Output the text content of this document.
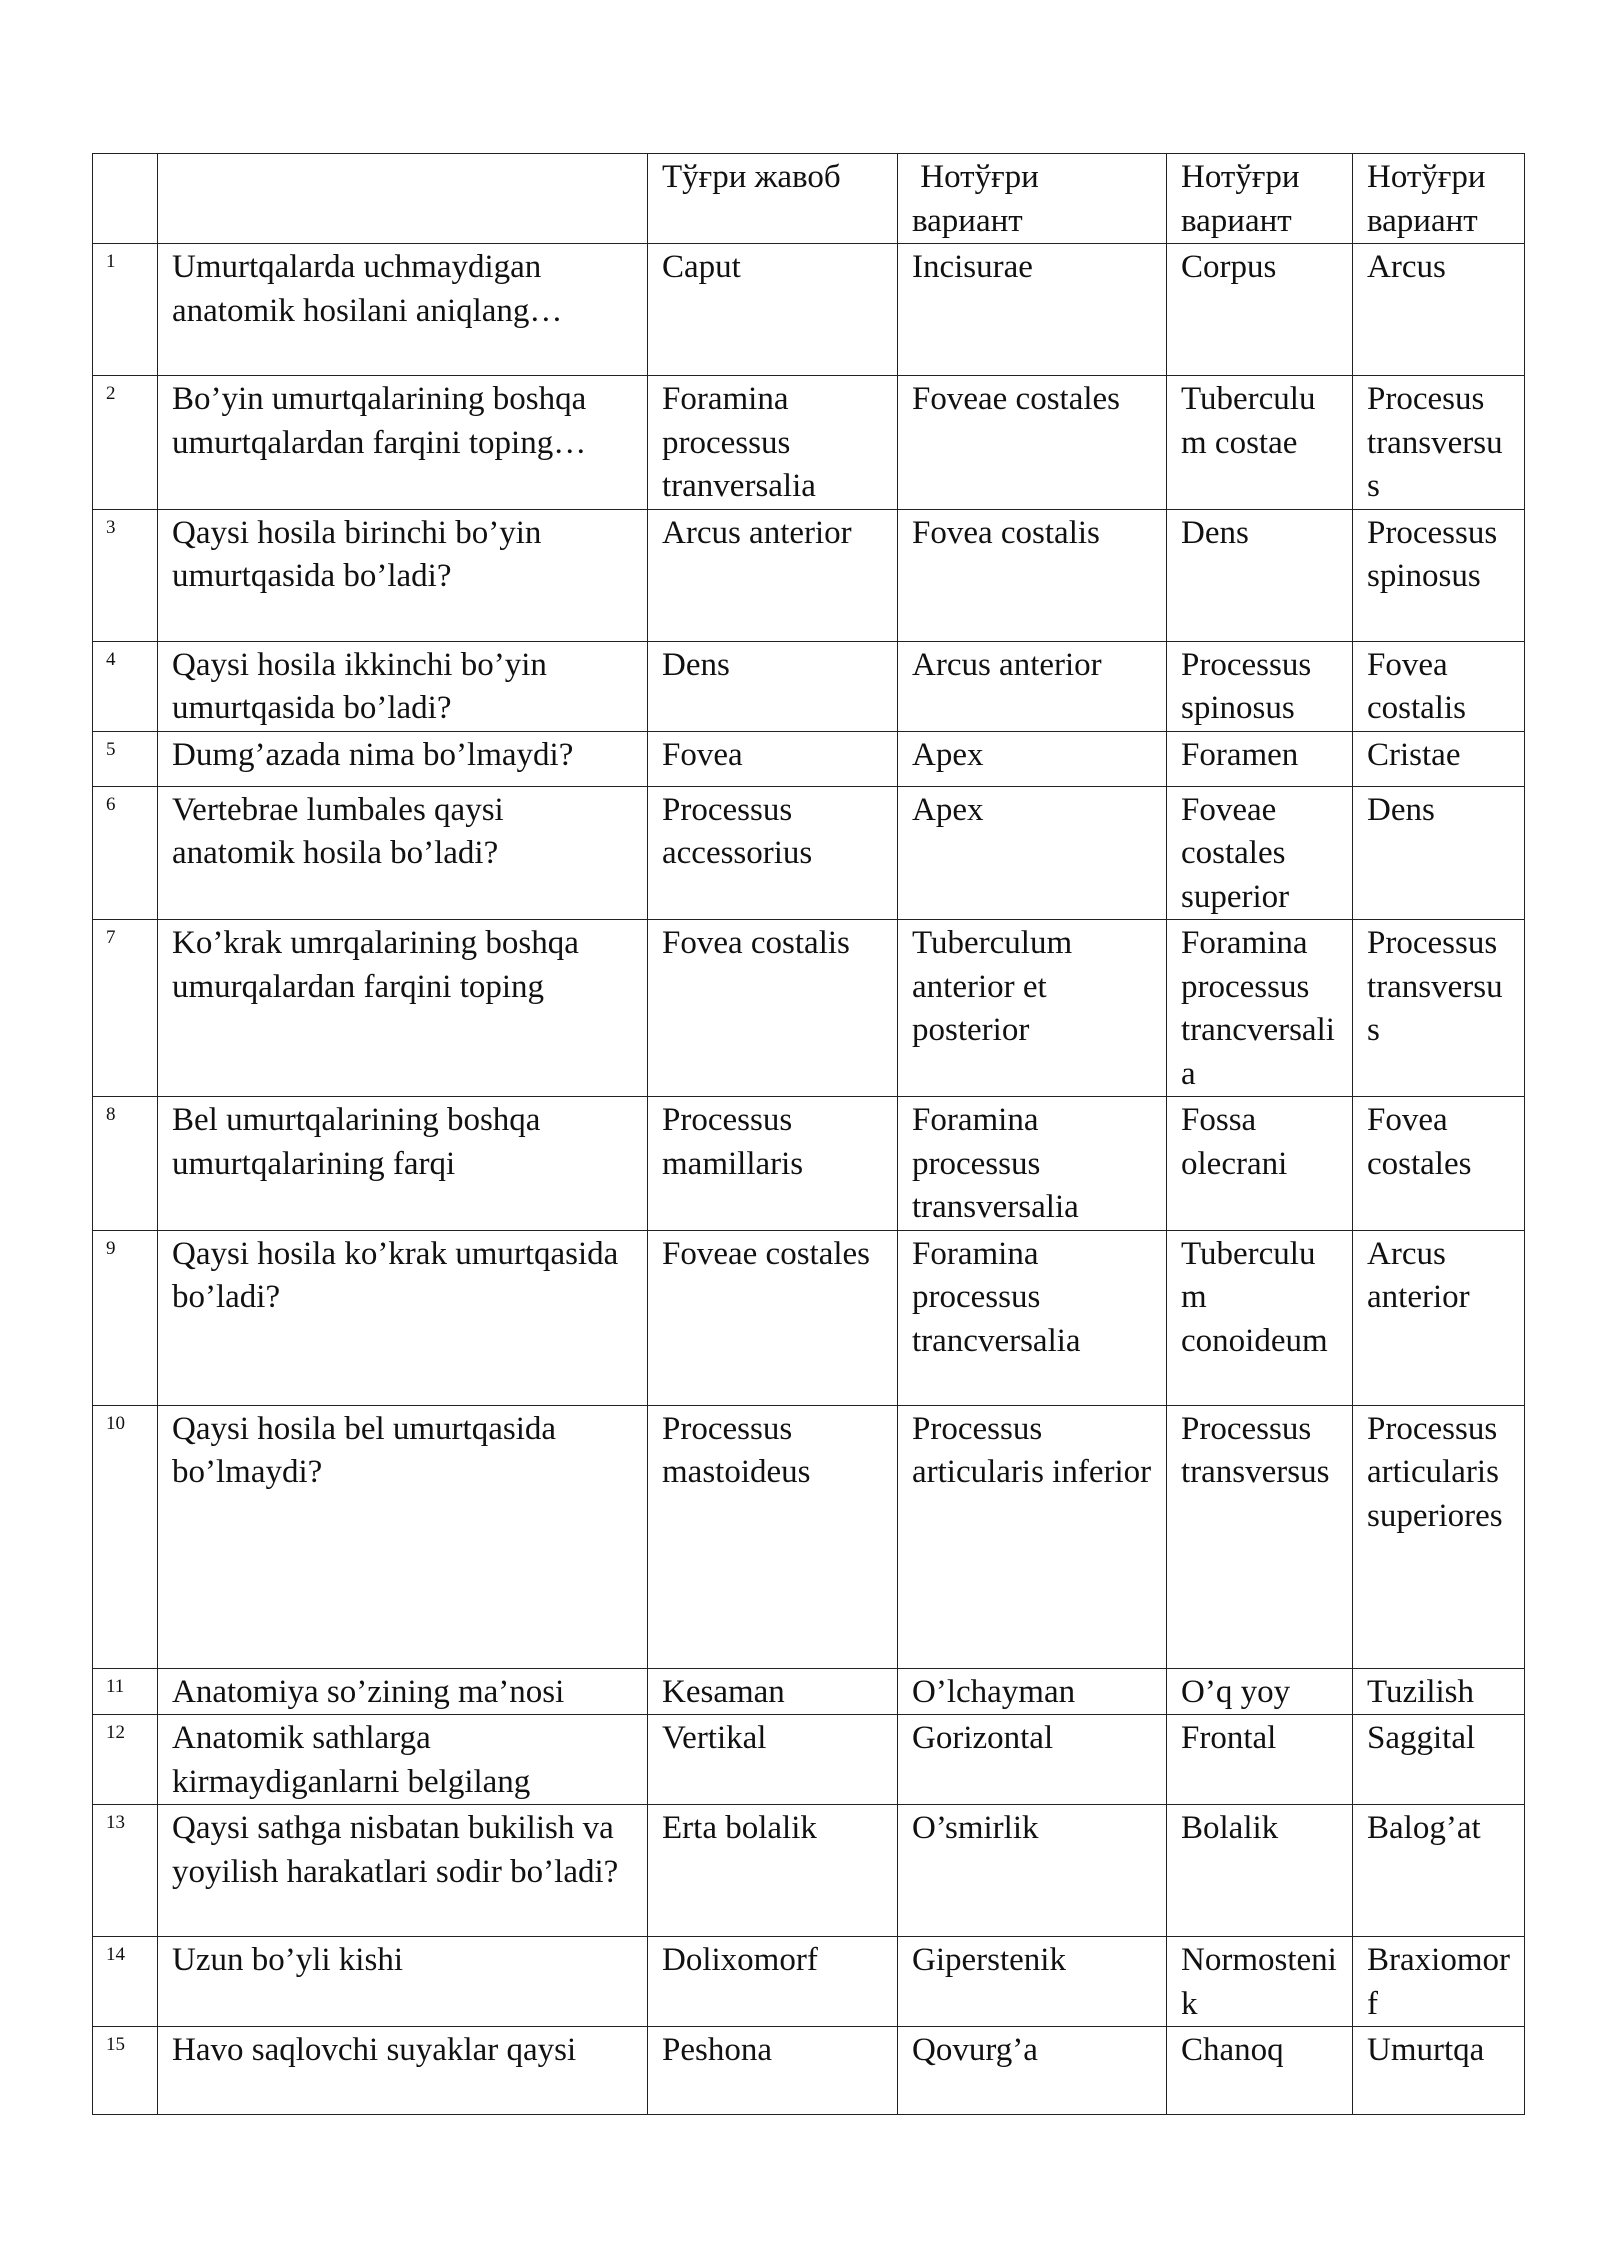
		Тўғри жавоб	Нотўғри вариант	Нотўғри вариант	Нотўғри вариант
1	Umurtqalarda uchmaydigan anatomik hosilani aniqlang…	Caput	Incisurae	Corpus	Arcus
2	Bo’yin umurtqalarining boshqa umurtqalardan farqini toping…	Foramina processus tranversalia	Foveae costales	Tuberculum costae	Procesus transversus
3	Qaysi hosila birinchi bo’yin umurtqasida bo’ladi?	Arcus anterior	Fovea costalis	Dens	Processus spinosus
4	Qaysi hosila ikkinchi bo’yin umurtqasida bo’ladi?	Dens	Arcus anterior	Processus spinosus	Fovea costalis
5	Dumg’azada nima bo’lmaydi?	Fovea	Apex	Foramen	Cristae
6	Vertebrae lumbales qaysi anatomik hosila bo’ladi?	Processus accessorius	Apex	Foveae costales superior	Dens
7	Ko’krak umrqalarining boshqa umurqalardan farqini toping	Fovea costalis	Tuberculum anterior et posterior	Foramina processus trancversalia	Processus transversus
8	Bel umurtqalarining boshqa umurtqalarining farqi	Processus mamillaris	Foramina processus transversalia	Fossa olecrani	Fovea costales
9	Qaysi hosila ko’krak umurtqasida bo’ladi?	Foveae costales	Foramina processus trancversalia	Tuberculum conoideum	Arcus anterior
10	Qaysi hosila bel umurtqasida bo’lmaydi?	Processus mastoideus	Processus articularis inferior	Processus transversus	Processus articularis superiores
11	Anatomiya so’zining ma’nosi	Kesaman	O’lchayman	O’q yoy	Tuzilish
12	Anatomik sathlarga kirmaydiganlarni belgilang	Vertikal	Gorizontal	Frontal	Saggital
13	Qaysi sathga nisbatan bukilish va yoyilish harakatlari sodir bo’ladi?	Erta bolalik	O’smirlik	Bolalik	Balog’at
14	Uzun bo’yli kishi	Dolixomorf	Giperstenik	Normostenik	Braxiomorf
15	Havo saqlovchi suyaklar qaysi	Peshona	Qovurg’a	Chanoq	Umurtqa
